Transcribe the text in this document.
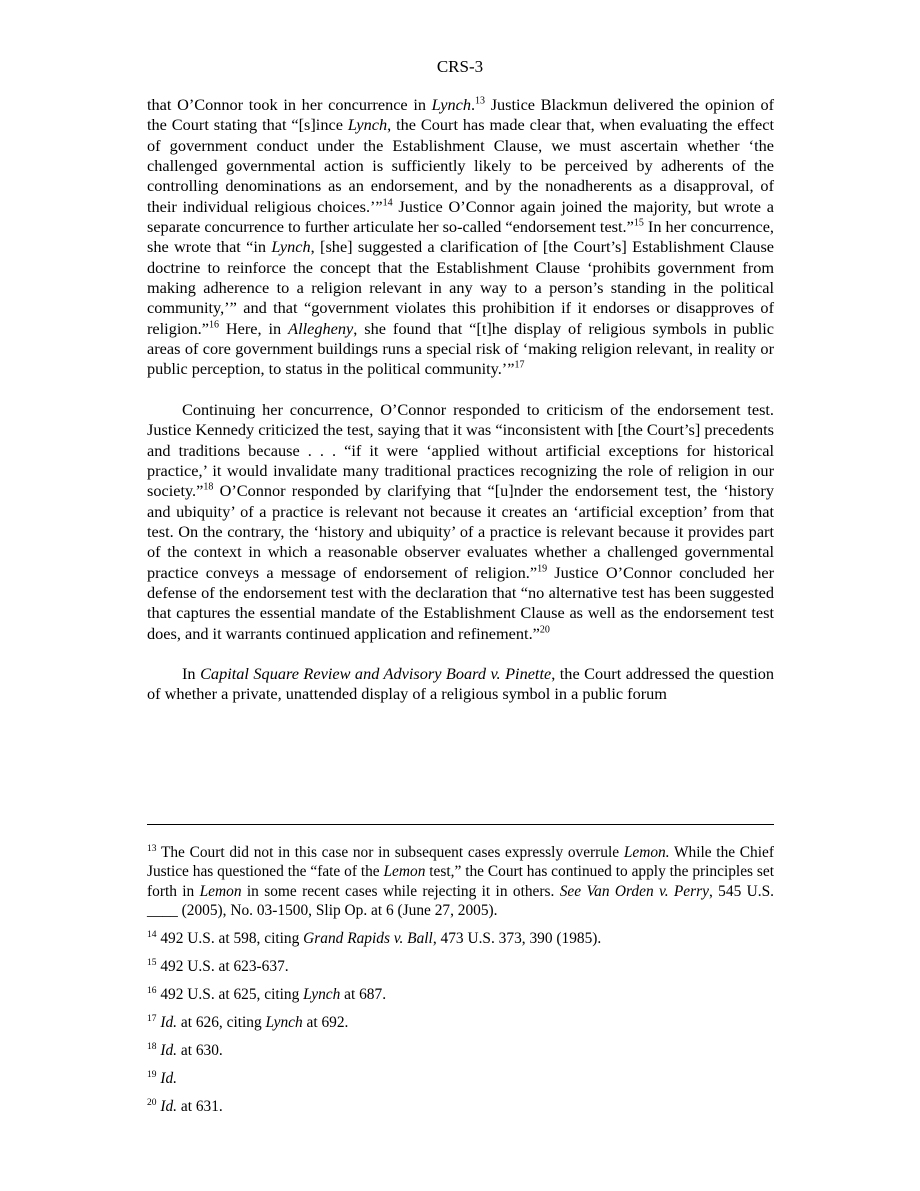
CRS-3

that O’Connor took in her concurrence in Lynch.$^{13}$ Justice Blackmun delivered the opinion of the Court stating that “[s]ince Lynch, the Court has made clear that, when evaluating the effect of government conduct under the Establishment Clause, we must ascertain whether ‘the challenged governmental action is sufficiently likely to be perceived by adherents of the controlling denominations as an endorsement, and by the nonadherents as a disapproval, of their individual religious choices.’”$^{14}$ Justice O’Connor again joined the majority, but wrote a separate concurrence to further articulate her so-called “endorsement test.”$^{15}$ In her concurrence, she wrote that “in Lynch, [she] suggested a clarification of [the Court’s] Establishment Clause doctrine to reinforce the concept that the Establishment Clause ‘prohibits government from making adherence to a religion relevant in any way to a person’s standing in the political community,’” and that “government violates this prohibition if it endorses or disapproves of religion.”$^{16}$ Here, in Allegheny, she found that “[t]he display of religious symbols in public areas of core government buildings runs a special risk of ‘making religion relevant, in reality or public perception, to status in the political community.’”$^{17}$

Continuing her concurrence, O’Connor responded to criticism of the endorsement test. Justice Kennedy criticized the test, saying that it was “inconsistent with [the Court’s] precedents and traditions because . . . “if it were ‘applied without artificial exceptions for historical practice,’ it would invalidate many traditional practices recognizing the role of religion in our society.”$^{18}$ O’Connor responded by clarifying that “[u]nder the endorsement test, the ‘history and ubiquity’ of a practice is relevant not because it creates an ‘artificial exception’ from that test. On the contrary, the ‘history and ubiquity’ of a practice is relevant because it provides part of the context in which a reasonable observer evaluates whether a challenged governmental practice conveys a message of endorsement of religion.”$^{19}$ Justice O’Connor concluded her defense of the endorsement test with the declaration that “no alternative test has been suggested that captures the essential mandate of the Establishment Clause as well as the endorsement test does, and it warrants continued application and refinement.”$^{20}$

In Capital Square Review and Advisory Board v. Pinette, the Court addressed the question of whether a private, unattended display of a religious symbol in a public forum

$^{13}$ The Court did not in this case nor in subsequent cases expressly overrule Lemon. While the Chief Justice has questioned the “fate of the Lemon test,” the Court has continued to apply the principles set forth in Lemon in some recent cases while rejecting it in others. See Van Orden v. Perry, 545 U.S. ____ (2005), No. 03-1500, Slip Op. at 6 (June 27, 2005).

$^{14}$ 492 U.S. at 598, citing Grand Rapids v. Ball, 473 U.S. 373, 390 (1985).

$^{15}$ 492 U.S. at 623-637.

$^{16}$ 492 U.S. at 625, citing Lynch at 687.

$^{17}$ Id. at 626, citing Lynch at 692.

$^{18}$ Id. at 630.

$^{19}$ Id.

$^{20}$ Id. at 631.
